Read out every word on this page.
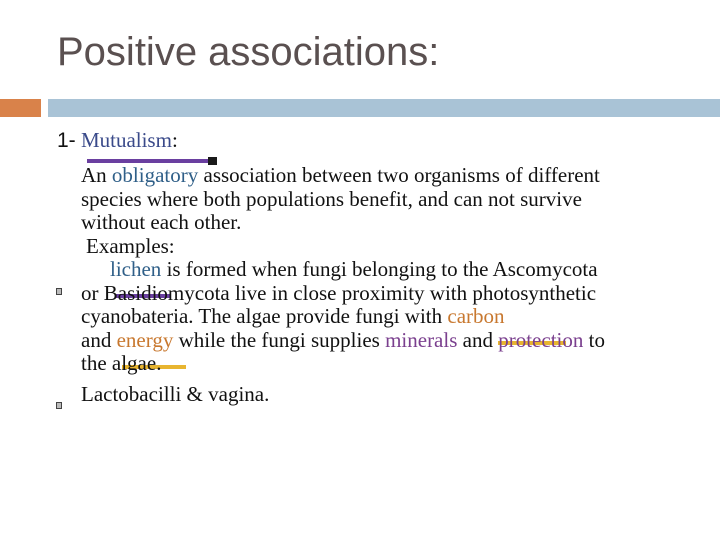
Positive associations:
1- Mutualism:
An obligatory association between two organisms of different
species where both populations benefit, and can not survive
without each other.
Examples:
lichen is formed when fungi belonging to the Ascomycota
or Basidiomycota live in close proximity with photosynthetic
cyanobateria. The algae provide fungi with carbon
and energy while the fungi supplies minerals and protection to
the algae.
Lactobacilli & vagina.
